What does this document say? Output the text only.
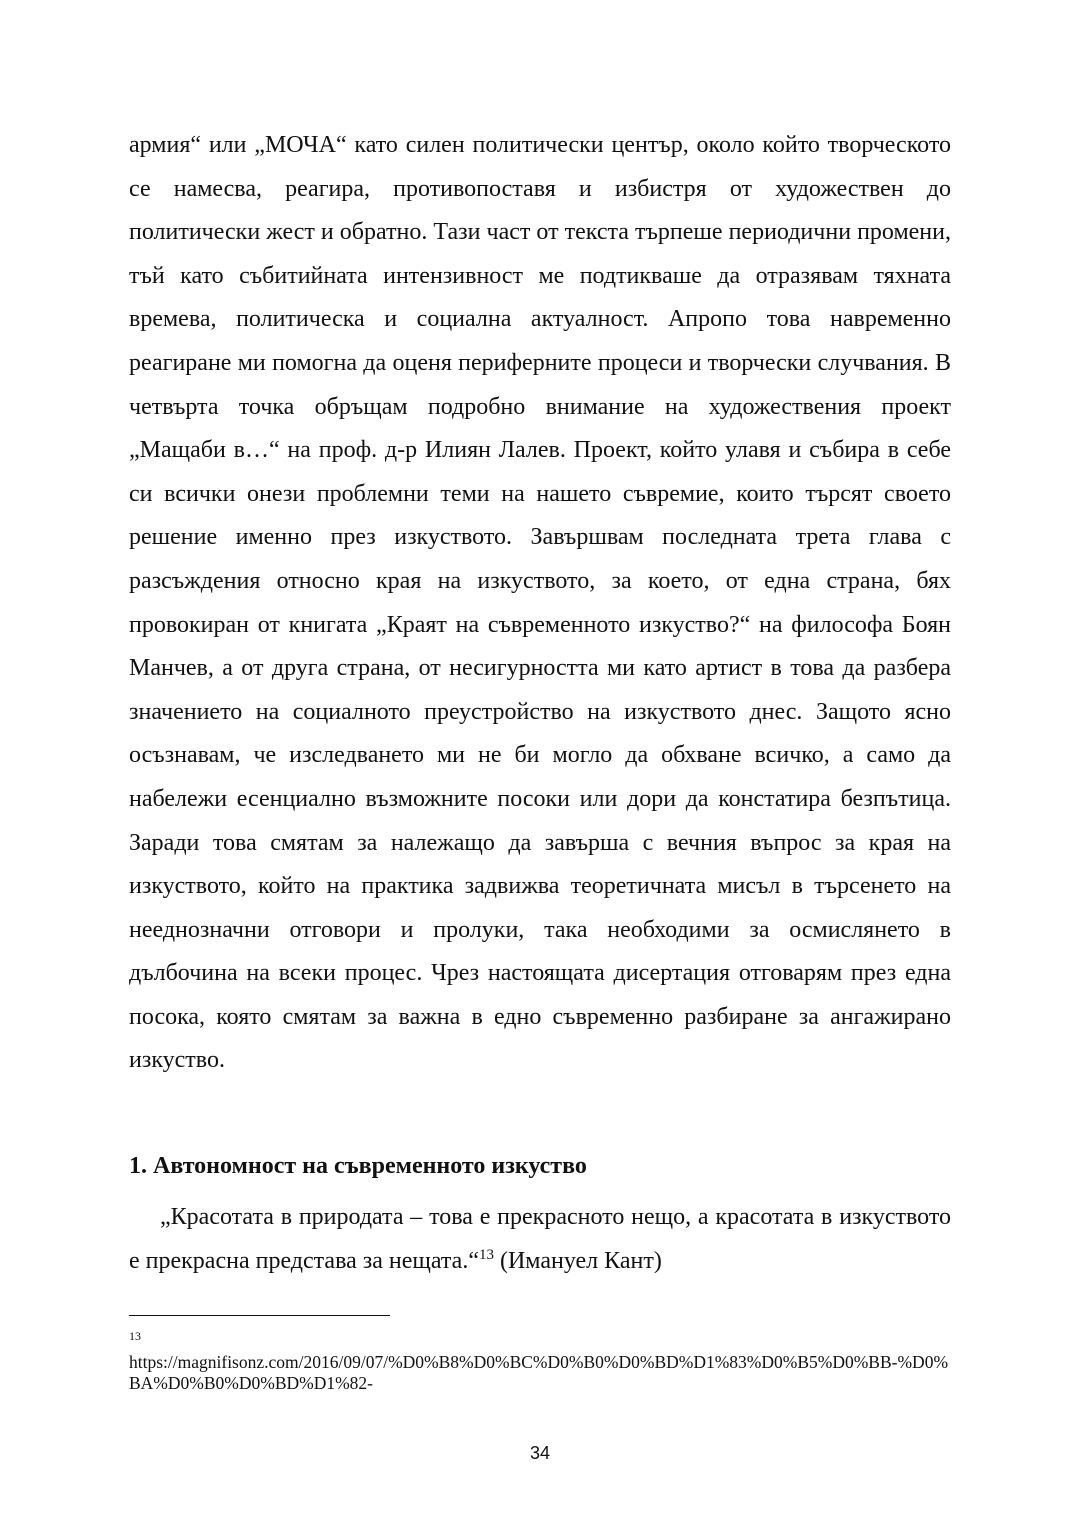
армия“ или „МОЧА“ като силен политически център, около който творческото се намесва, реагира, противопоставя и избистря от художествен до политически жест и обратно. Тази част от текста търпеше периодични промени, тъй като събитийната интензивност ме подтикваше да отразявам тяхната времева, политическа и социална актуалност. Апропо това навременно реагиране ми помогна да оценя периферните процеси и творчески случвания. В четвърта точка обръщам подробно внимание на художествения проект „Мащаби в…“ на проф. д-р Илиян Лалев. Проект, който улавя и събира в себе си всички онези проблемни теми на нашето съвремие, които търсят своето решение именно през изкуството. Завършвам последната трета глава с разсъждения относно края на изкуството, за което, от една страна, бях провокиран от книгата „Краят на съвременното изкуство?“ на философа Боян Манчев, а от друга страна, от несигурността ми като артист в това да разбера значението на социалното преустройство на изкуството днес. Защото ясно осъзнавам, че изследването ми не би могло да обхване всичко, а само да набележи есенциално възможните посоки или дори да констатира безпътица. Заради това смятам за належащо да завърша с вечния въпрос за края на изкуството, който на практика задвижва теоретичната мисъл в търсенето на нееднозначни отговори и пролуки, така необходими за осмислянето в дълбочина на всеки процес. Чрез настоящата дисертация отговарям през една посока, която смятам за важна в едно съвременно разбиране за ангажирано изкуство.

1. Автономност на съвременното изкуство

„Красотата в природата – това е прекрасното нещо, а красотата в изкуството е прекрасна представа за нещата.“$^{13}$ (Имануел Кант)

13

https://magnifisonz.com/2016/09/07/%D0%B8%D0%BC%D0%B0%D0%BD%D1%83%D0%B5%D0%BB-%D0%BA%D0%B0%D0%BD%D1%82-

34
